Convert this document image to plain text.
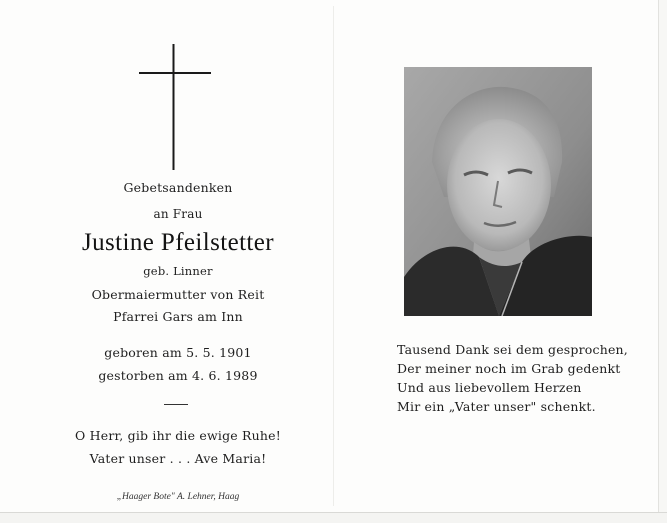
Gebetsandenken
an Frau
Justine Pfeilstetter
geb. Linner
Obermaiermutter von Reit
Pfarrei Gars am Inn
geboren am 5. 5. 1901
gestorben am 4. 6. 1989
O Herr, gib ihr die ewige Ruhe!
Vater unser . . . Ave Maria!
„Haager Bote" A. Lehner, Haag
Tausend Dank sei dem gesprochen,
Der meiner noch im Grab gedenkt
Und aus liebevollem Herzen
Mir ein „Vater unser" schenkt.
